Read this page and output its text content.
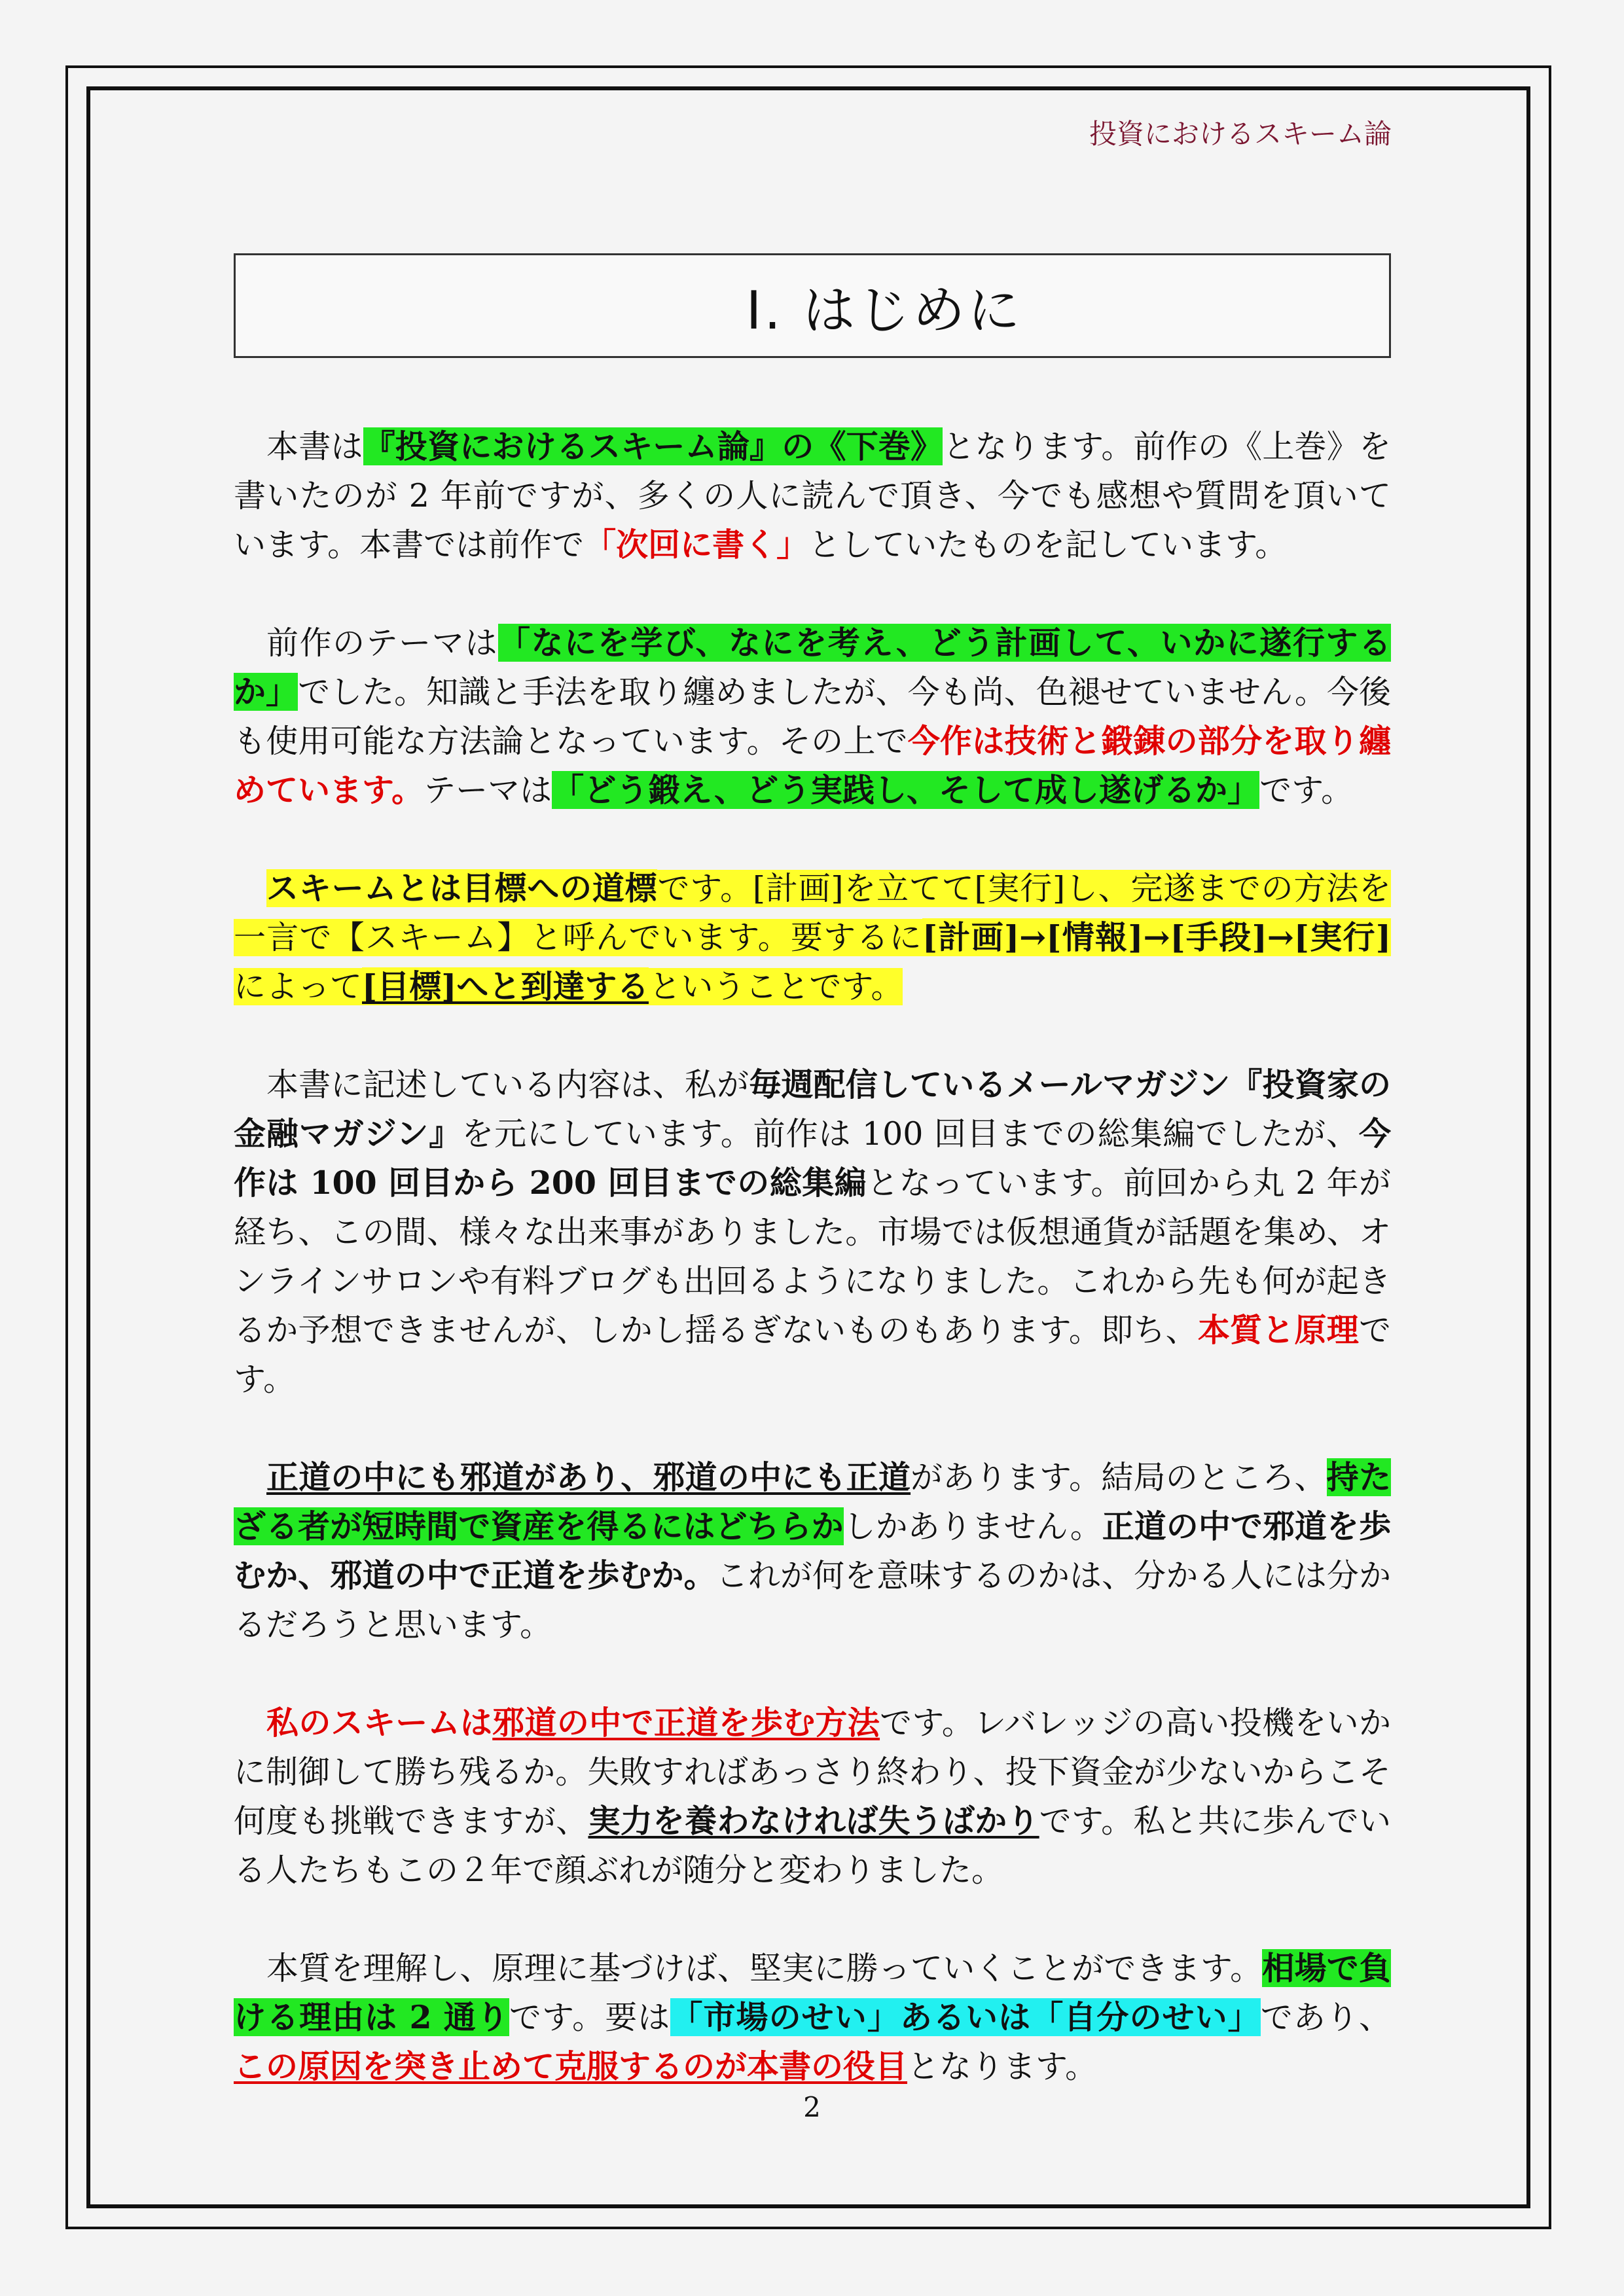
投資におけるスキーム論
Ⅰ. はじめに

本書は『投資におけるスキーム論』の《下巻》となります。前作の《上巻》を書いたのが 2 年前ですが、多くの人に読んで頂き、今でも感想や質問を頂いています。本書では前作で「次回に書く」としていたものを記しています。

前作のテーマは「なにを学び、なにを考え、どう計画して、いかに遂行するか」でした。知識と手法を取り纏めましたが、今も尚、色褪せていません。今後も使用可能な方法論となっています。その上で今作は技術と鍛錬の部分を取り纏めています。テーマは「どう鍛え、どう実践し、そして成し遂げるか」です。

スキームとは目標への道標です。[計画]を立てて[実行]し、完遂までの方法を一言で【スキーム】と呼んでいます。要するに[計画]→[情報]→[手段]→[実行]によって[目標]へと到達するということです。

本書に記述している内容は、私が毎週配信しているメールマガジン『投資家の金融マガジン』を元にしています。前作は 100 回目までの総集編でしたが、今作は 100 回目から 200 回目までの総集編となっています。前回から丸 2 年が経ち、この間、様々な出来事がありました。市場では仮想通貨が話題を集め、オンラインサロンや有料ブログも出回るようになりました。これから先も何が起きるか予想できませんが、しかし揺るぎないものもあります。即ち、本質と原理です。

正道の中にも邪道があり、邪道の中にも正道があります。結局のところ、持たざる者が短時間で資産を得るにはどちらかしかありません。正道の中で邪道を歩むか、邪道の中で正道を歩むか。これが何を意味するのかは、分かる人には分かるだろうと思います。

私のスキームは邪道の中で正道を歩む方法です。レバレッジの高い投機をいかに制御して勝ち残るか。失敗すればあっさり終わり、投下資金が少ないからこそ何度も挑戦できますが、実力を養わなければ失うばかりです。私と共に歩んでいる人たちもこの２年で顔ぶれが随分と変わりました。

本質を理解し、原理に基づけば、堅実に勝っていくことができます。相場で負ける理由は 2 通りです。要は「市場のせい」あるいは「自分のせい」であり、この原因を突き止めて克服するのが本書の役目となります。

2
